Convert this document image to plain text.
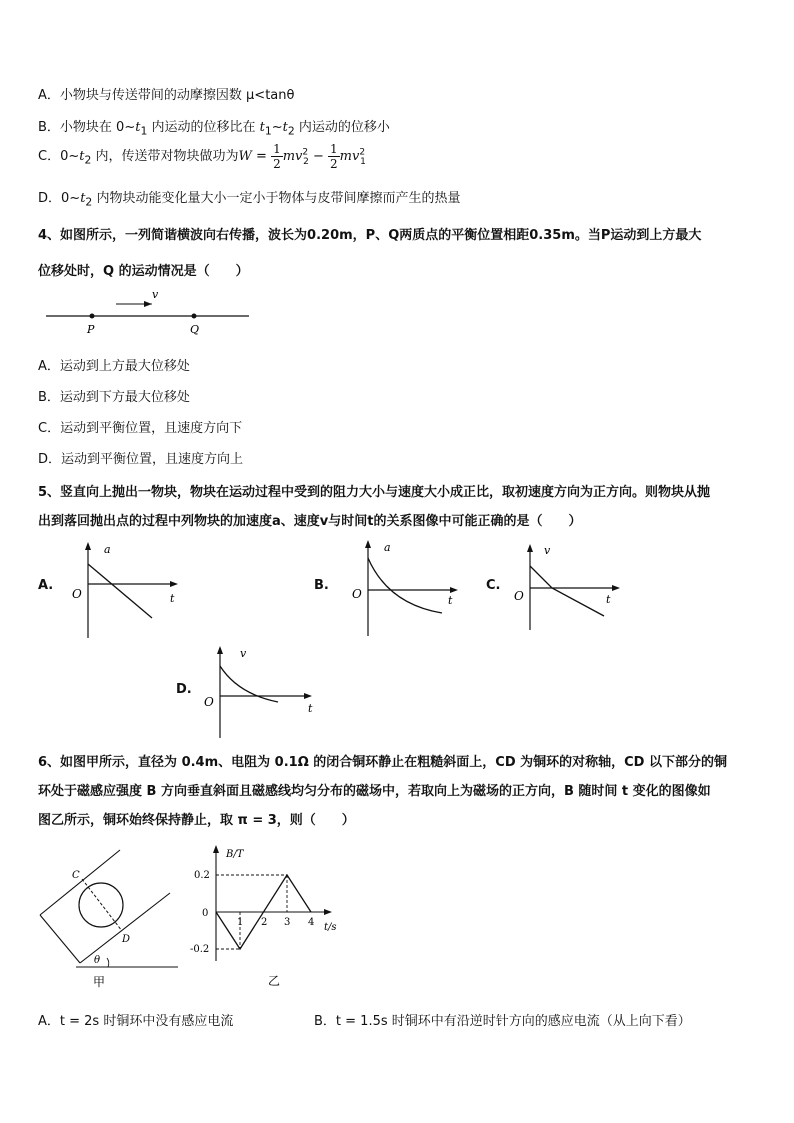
A．小物块与传送带间的动摩擦因数 μ<tanθ
B．小物块在 $0\sim t_1$ 内运动的位移比在 $t_1\sim t_2$ 内运动的位移小
C．$0\sim t_2$ 内，传送带对物块做功为$W = \frac{1}{2} mv^2_2 - \frac{1}{2} mv^2_1$
D．$0\sim t_2$ 内物块动能变化量大小一定小于物体与皮带间摩擦而产生的热量
4、如图所示，一列简谐横波向右传播，波长为0.20m，P、Q两质点的平衡位置相距0.35m。当P运动到上方最大
位移处时，Q 的运动情况是（　　）
v
P	Q
A．运动到上方最大位移处
B．运动到下方最大位移处
C．运动到平衡位置，且速度方向下
D．运动到平衡位置，且速度方向上
5、竖直向上抛出一物块，物块在运动过程中受到的阻力大小与速度大小成正比，取初速度方向为正方向。则物块从抛
出到落回抛出点的过程中列物块的加速度a、速度v与时间t的关系图像中可能正确的是（　　）
A.
a
t
O
B.
a
t
O
C.
v
t
O
D.
v
t
O
6、如图甲所示，直径为 0.4m、电阻为 0.1Ω 的闭合铜环静止在粗糙斜面上，CD 为铜环的对称轴，CD 以下部分的铜
环处于磁感应强度 B 方向垂直斜面且磁感线均匀分布的磁场中，若取向上为磁场的正方向，B 随时间 t 变化的图像如
图乙所示，铜环始终保持静止，取 π = 3，则（　　）
C
D
θ
甲
B/T
t/s
0.2
0
-0.2
1 2 3 4
乙
A．t = 2s 时铜环中没有感应电流	B．t = 1.5s 时铜环中有沿逆时针方向的感应电流（从上向下看）
